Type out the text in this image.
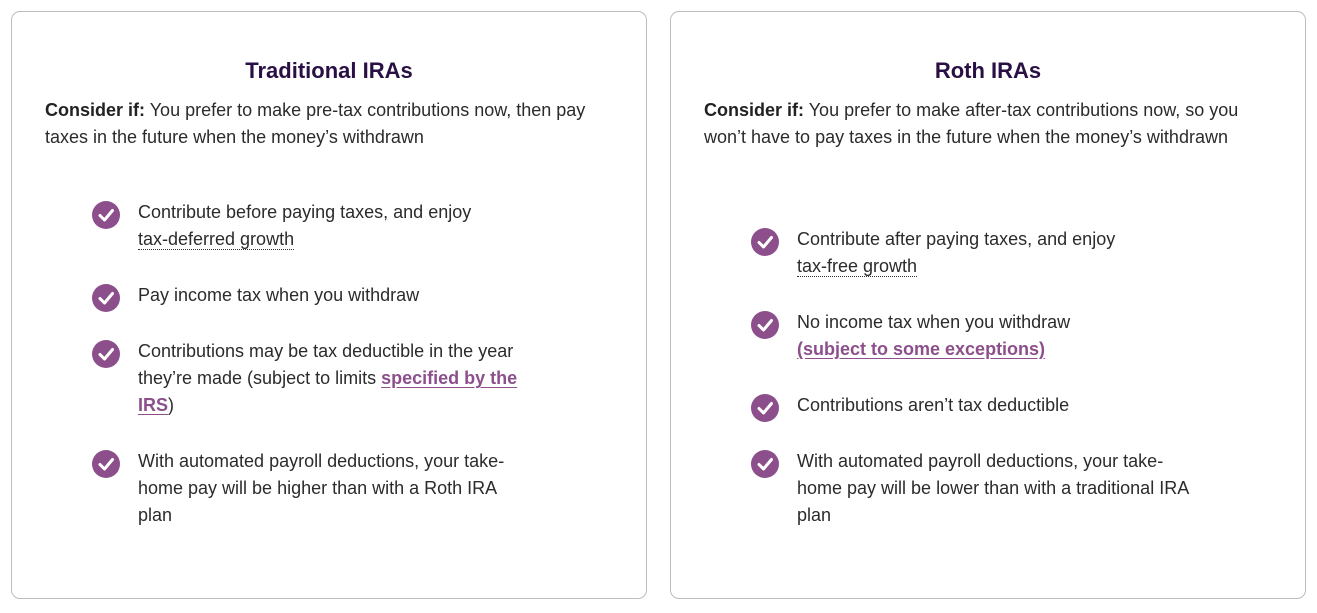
Traditional IRAs

Consider if: You prefer to make pre-tax contributions now, then pay taxes in the future when the money’s withdrawn

Contribute before paying taxes, and enjoy
tax-deferred growth
Pay income tax when you withdraw
Contributions may be tax deductible in the year they’re made (subject to limits specified by the IRS)
With automated payroll deductions, your take-home pay will be higher than with a Roth IRA plan
Roth IRAs

Consider if: You prefer to make after-tax contributions now, so you won’t have to pay taxes in the future when the money’s withdrawn

Contribute after paying taxes, and enjoy
tax-free growth
No income tax when you withdraw
(subject to some exceptions)
Contributions aren’t tax deductible
With automated payroll deductions, your take-home pay will be lower than with a traditional IRA plan
